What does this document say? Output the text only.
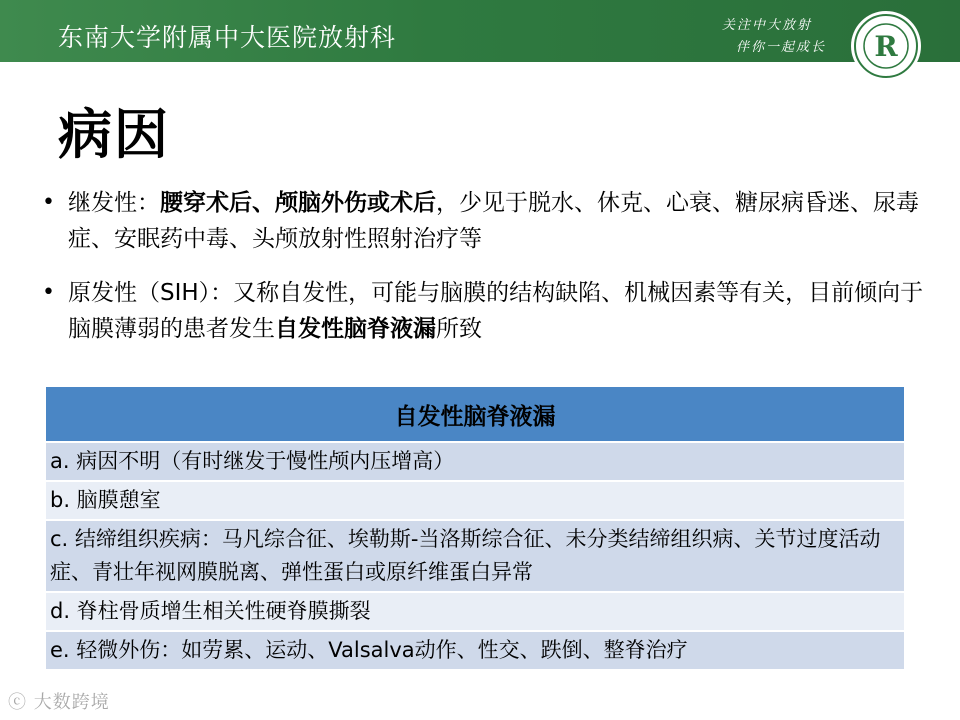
东南大学附属中大医院放射科	关注中大放射
伴你一起成长 R
病因
• 继发性：腰穿术后、颅脑外伤或术后，少见于脱水、休克、心衰、糖尿病昏迷、尿毒症、安眠药中毒、头颅放射性照射治疗等
• 原发性（SIH）：又称自发性，可能与脑膜的结构缺陷、机械因素等有关，目前倾向于脑膜薄弱的患者发生自发性脑脊液漏所致
自发性脑脊液漏
a. 病因不明（有时继发于慢性颅内压增高）
b. 脑膜憩室
c. 结缔组织疾病：马凡综合征、埃勒斯-当洛斯综合征、未分类结缔组织病、关节过度活动症、青壮年视网膜脱离、弹性蛋白或原纤维蛋白异常
d. 脊柱骨质增生相关性硬脊膜撕裂
e. 轻微外伤：如劳累、运动、Valsalva动作、性交、跌倒、整脊治疗
ⓒ 大数跨境
